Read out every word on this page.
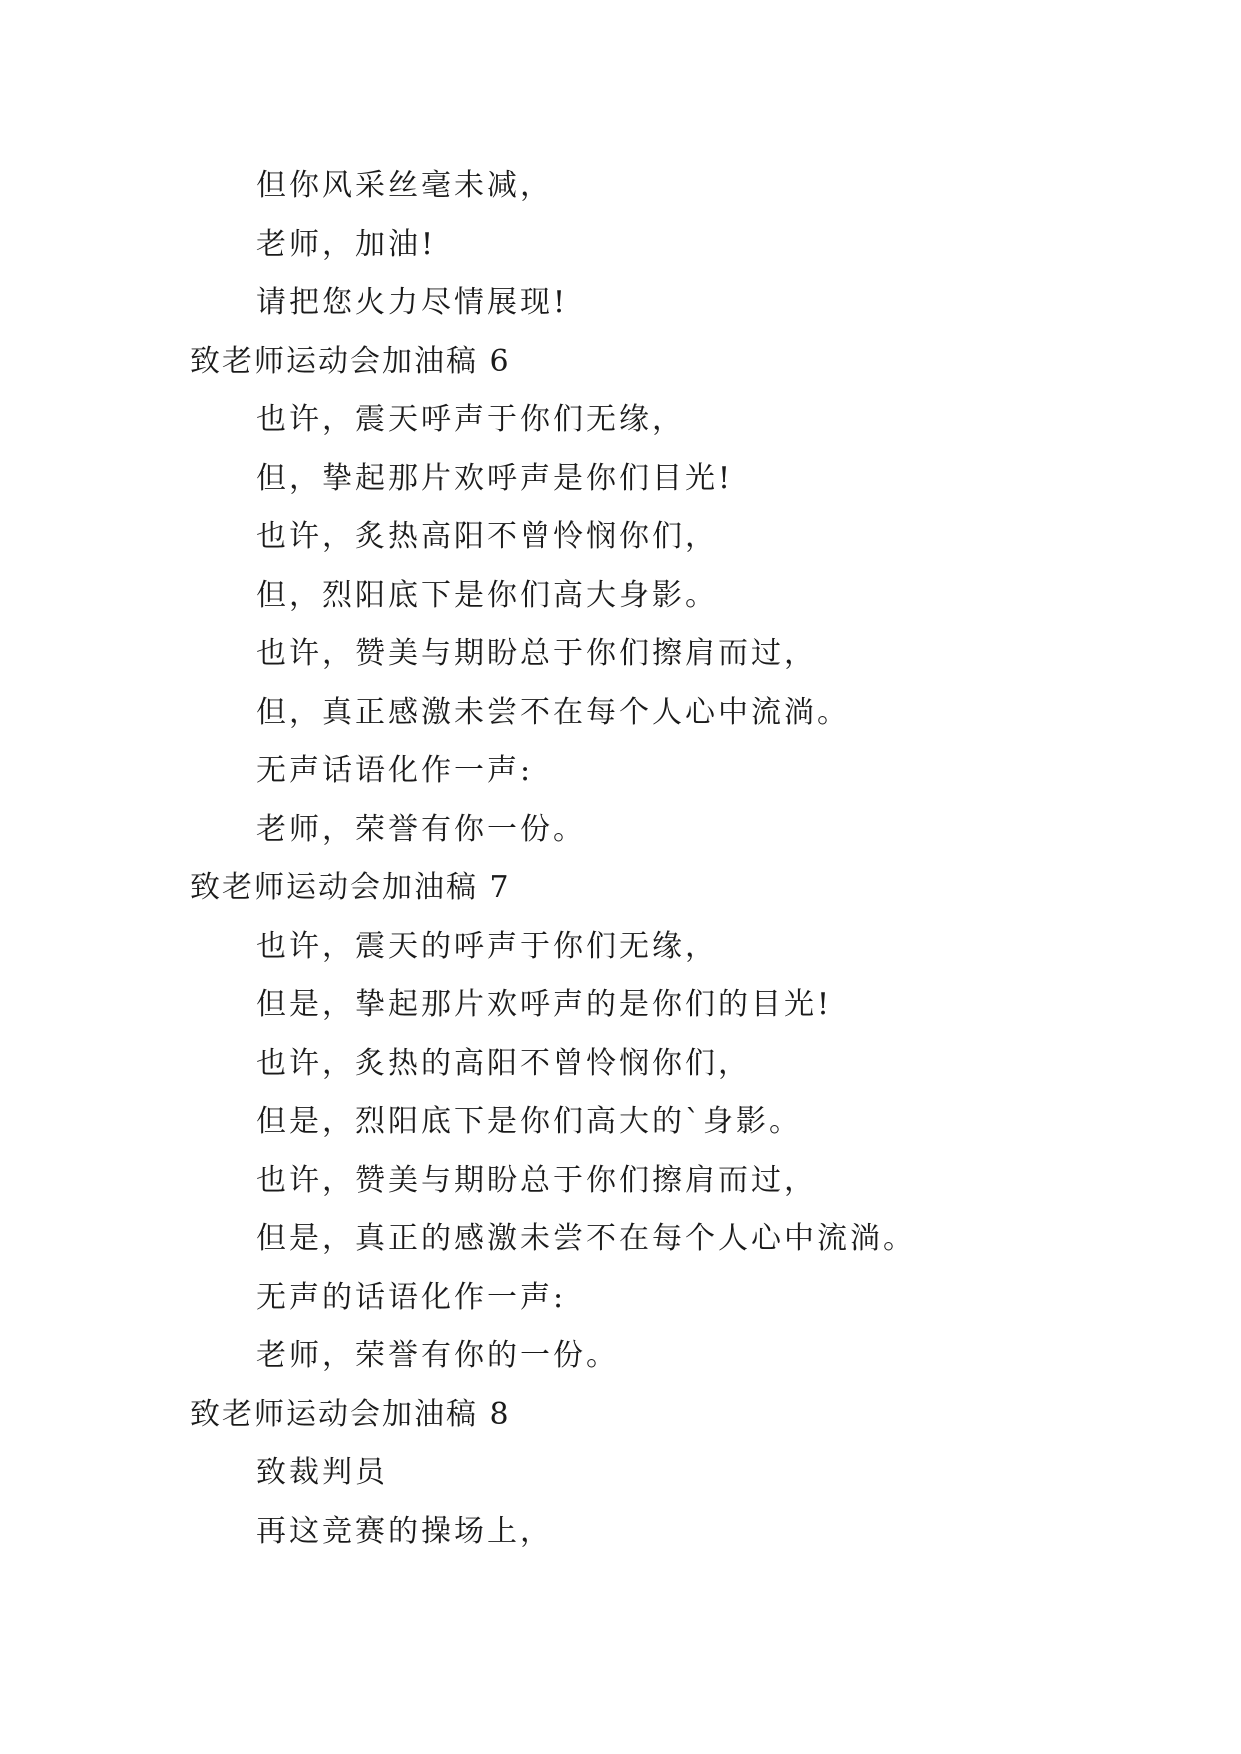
但你风采丝毫未减，

老师，加油!

请把您火力尽情展现!

致老师运动会加油稿 6

也许，震天呼声于你们无缘，

但，挚起那片欢呼声是你们目光!

也许，炙热高阳不曾怜悯你们，

但，烈阳底下是你们高大身影。

也许，赞美与期盼总于你们擦肩而过，

但，真正感激未尝不在每个人心中流淌。

无声话语化作一声:

老师，荣誉有你一份。

致老师运动会加油稿 7

也许，震天的呼声于你们无缘，

但是，挚起那片欢呼声的是你们的目光!

也许，炙热的高阳不曾怜悯你们，

但是，烈阳底下是你们高大的`身影。

也许，赞美与期盼总于你们擦肩而过，

但是，真正的感激未尝不在每个人心中流淌。

无声的话语化作一声:

老师，荣誉有你的一份。

致老师运动会加油稿 8

致裁判员

再这竞赛的操场上，
